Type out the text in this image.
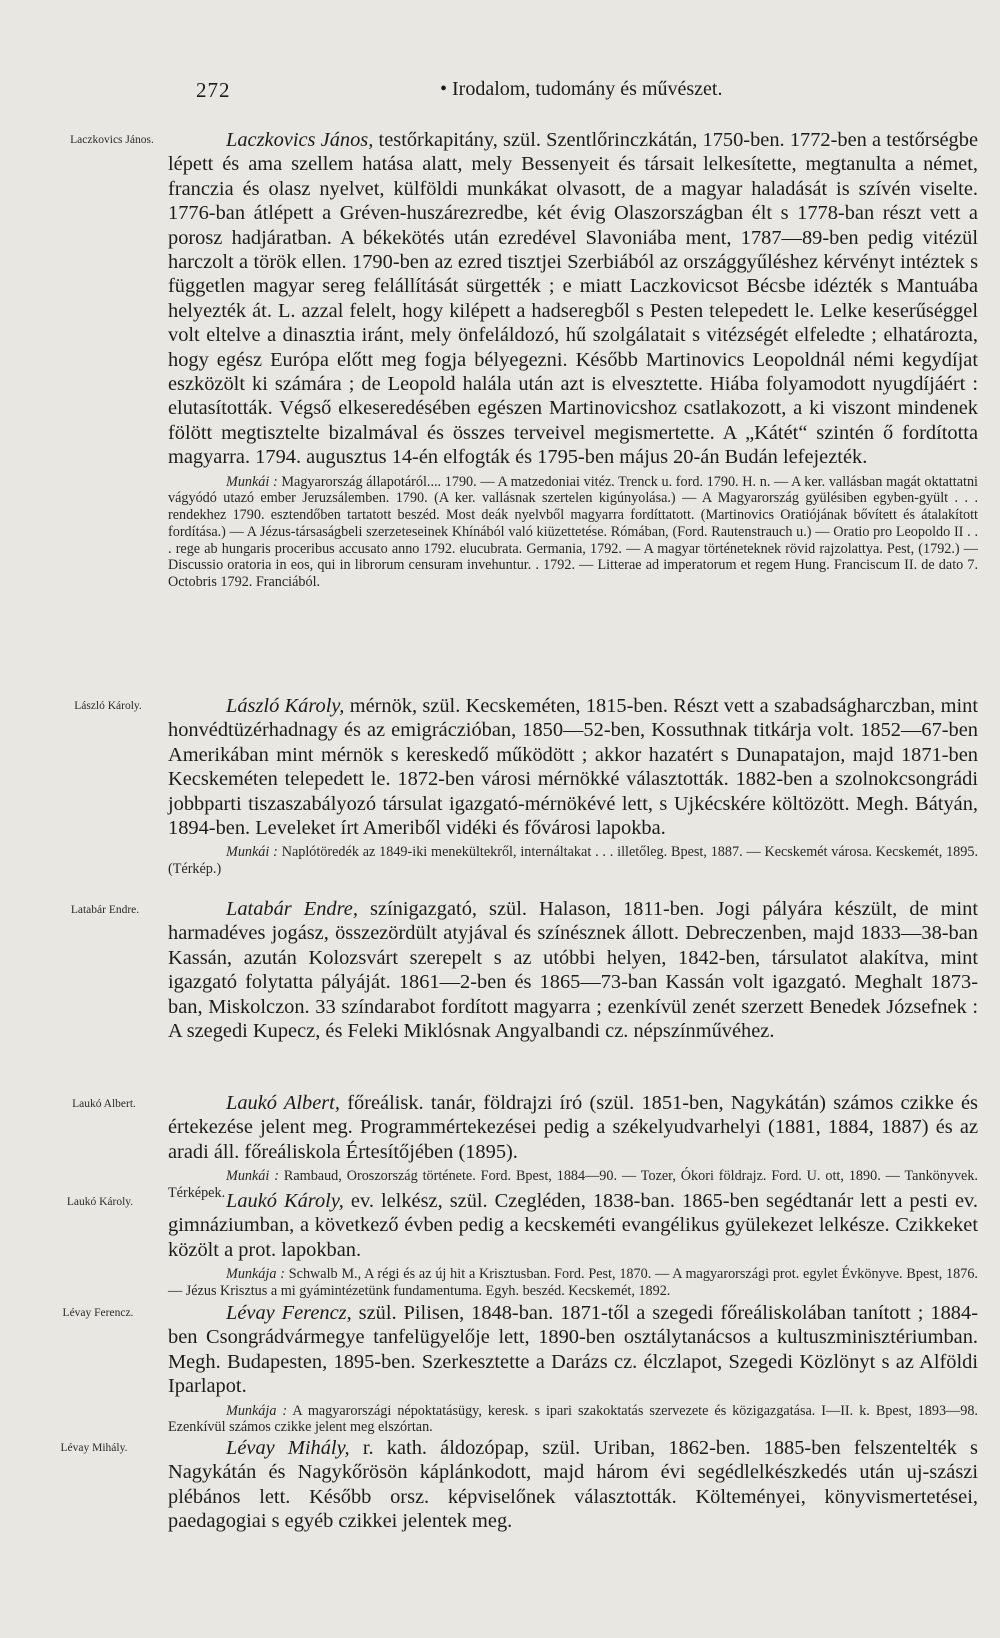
272	• Irodalom, tudomány és művészet.
Laczkovics János.	Laczkovics János, testőrkapitány, szül. Szentlőrinczkátán, 1750-ben. 1772-ben a testőrségbe lépett és ama szellem hatása alatt, mely Bessenyeit és társait lelkesítette, megtanulta a német, franczia és olasz nyelvet, külföldi munkákat olvasott, de a magyar haladását is szívén viselte. 1776-ban átlépett a Gréven-huszárezredbe, két évig Olaszországban élt s 1778-ban részt vett a porosz hadjáratban. A békekötés után ezredével Slavoniába ment, 1787—89-ben pedig vitézül harczolt a török ellen. 1790-ben az ezred tisztjei Szerbiából az országgyűléshez kérvényt intéztek s független magyar sereg felállítását sürgették ; e miatt Laczkovicsot Bécsbe idézték s Mantuába helyezték át. L. azzal felelt, hogy kilépett a hadseregből s Pesten telepedett le. Lelke keserűséggel volt eltelve a dinasztia iránt, mely önfeláldozó, hű szolgálatait s vitézségét elfeledte ; elhatározta, hogy egész Európa előtt meg fogja bélyegezni. Később Martinovics Leopoldnál némi kegydíjat eszközölt ki számára ; de Leopold halála után azt is elvesztette. Hiába folyamodott nyugdíjáért : elutasították. Végső elkeseredésében egészen Martinovicshoz csatlakozott, a ki viszont mindenek fölött megtisztelte bizalmával és összes terveivel megismertette. A „Kátét“ szintén ő fordította magyarra. 1794. augusztus 14-én elfogták és 1795-ben május 20-án Budán lefejezték.

Munkái : Magyarország állapotáról.... 1790. — A matzedoniai vitéz. Trenck u. ford. 1790. H. n. — A ker. vallásban magát oktattatni vágyódó utazó ember Jeruzsálemben. 1790. (A ker. vallásnak szertelen kigúnyolása.) — A Magyarország gyülésiben egyben-gyült . . . rendekhez 1790. esztendőben tartatott beszéd. Most deák nyelvből magyarra fordíttatott. (Martinovics Oratiójának bővített és átalakított fordítása.) — A Jézus-társaságbeli szerzeteseinek Khínából való kiüzettetése. Rómában, (Ford. Rautenstrauch u.) — Oratio pro Leopoldo II . . . rege ab hungaris proceribus accusato anno 1792. elucubrata. Germania, 1792. — A magyar történeteknek rövid rajzolattya. Pest, (1792.) — Discussio oratoria in eos, qui in librorum censuram invehuntur. . 1792. — Litterae ad imperatorum et regem Hung. Franciscum II. de dato 7. Octobris 1792. Franciából.

László Károly.	László Károly, mérnök, szül. Kecskeméten, 1815-ben. Részt vett a szabadságharczban, mint honvédtüzérhadnagy és az emigráczióban, 1850—52-ben, Kossuthnak titkárja volt. 1852—67-ben Amerikában mint mérnök s kereskedő működött ; akkor hazatért s Dunapatajon, majd 1871-ben Kecskeméten telepedett le. 1872-ben városi mérnökké választották. 1882-ben a szolnokcsongrádi jobbparti tiszaszabályozó társulat igazgató-mérnökévé lett, s Ujkécskére költözött. Megh. Bátyán, 1894-ben. Leveleket írt Ameriből vidéki és fővárosi lapokba.

Munkái : Naplótöredék az 1849-iki menekültekről, internáltakat . . . illetőleg. Bpest, 1887. — Kecskemét városa. Kecskemét, 1895. (Térkép.)

Latabár Endre.	Latabár Endre, színigazgató, szül. Halason, 1811-ben. Jogi pályára készült, de mint harmadéves jogász, összezördült atyjával és színésznek állott. Debreczenben, majd 1833—38-ban Kassán, azután Kolozsvárt szerepelt s az utóbbi helyen, 1842-ben, társulatot alakítva, mint igazgató folytatta pályáját. 1861—2-ben és 1865—73-ban Kassán volt igazgató. Meghalt 1873-ban, Miskolczon. 33 színdarabot fordított magyarra ; ezenkívül zenét szerzett Benedek Józsefnek : A szegedi Kupecz, és Feleki Miklósnak Angyalbandi cz. népszínművéhez.

Laukó Albert.	Laukó Albert, főreálisk. tanár, földrajzi író (szül. 1851-ben, Nagykátán) számos czikke és értekezése jelent meg. Programmértekezései pedig a székelyudvarhelyi (1881, 1884, 1887) és az aradi áll. főreáliskola Értesítőjében (1895).

Munkái : Rambaud, Oroszország története. Ford. Bpest, 1884—90. — Tozer, Ókori földrajz. Ford. U. ott, 1890. — Tankönyvek. Térképek.

Laukó Károly.	Laukó Károly, ev. lelkész, szül. Czegléden, 1838-ban. 1865-ben segédtanár lett a pesti ev. gimnáziumban, a következő évben pedig a kecskeméti evangélikus gyülekezet lelkésze. Czikkeket közölt a prot. lapokban.

Munkája : Schwalb M., A régi és az új hit a Krisztusban. Ford. Pest, 1870. — A magyarországi prot. egylet Évkönyve. Bpest, 1876. — Jézus Krisztus a mi gyámintézetünk fundamentuma. Egyh. beszéd. Kecskemét, 1892.

Lévay Ferencz.	Lévay Ferencz, szül. Pilisen, 1848-ban. 1871-től a szegedi főreáliskolában tanított ; 1884-ben Csongrádvármegye tanfelügyelője lett, 1890-ben osztálytanácsos a kultuszminisztériumban. Megh. Budapesten, 1895-ben. Szerkesztette a Darázs cz. élczlapot, Szegedi Közlönyt s az Alföldi Iparlapot.

Munkája : A magyarországi népoktatásügy, keresk. s ipari szakoktatás szervezete és közigazgatása. I—II. k. Bpest, 1893—98. Ezenkívül számos czikke jelent meg elszórtan.

Lévay Mihály.	Lévay Mihály, r. kath. áldozópap, szül. Uriban, 1862-ben. 1885-ben felszentelték s Nagykátán és Nagykőrösön káplánkodott, majd három évi segédlelkészkedés után uj-szászi plébános lett. Később orsz. képviselőnek választották. Költeményei, könyvismertetései, paedagogiai s egyéb czikkei jelentek meg.
